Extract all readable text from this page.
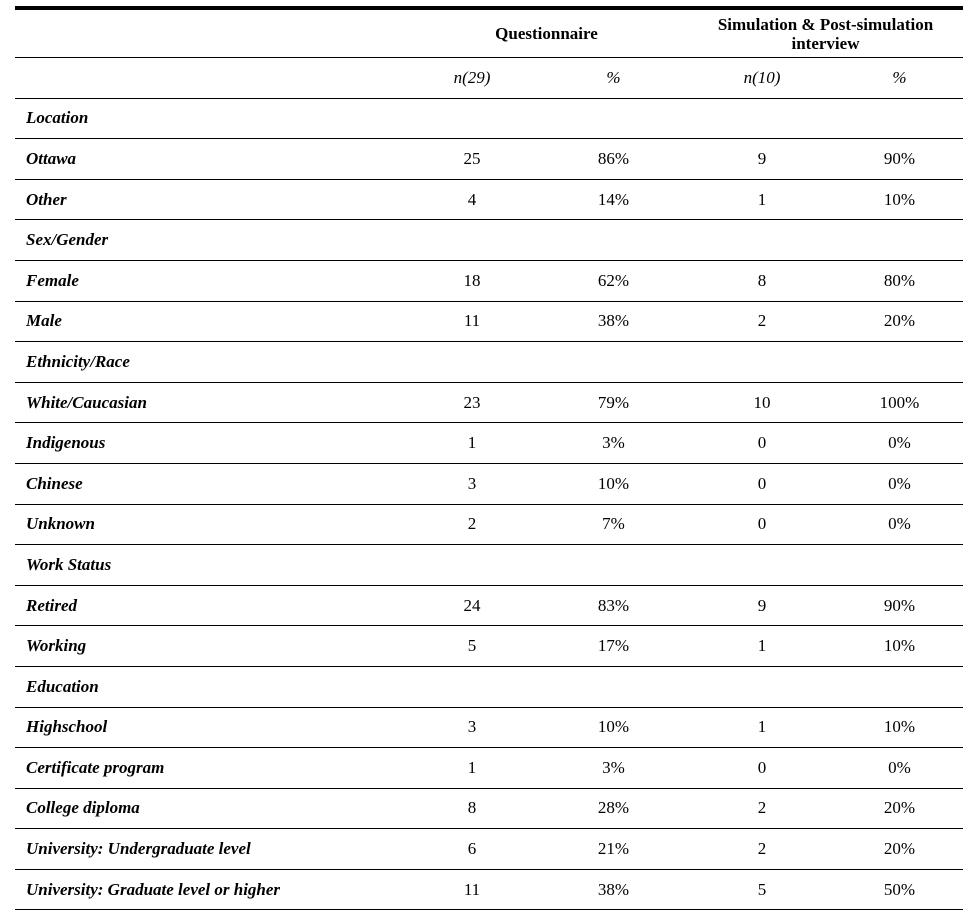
Questionnaire	Simulation & Post-simulation interview
n(29)	%	n(10)	%
Location
Ottawa	25	86%	9	90%
Other	4	14%	1	10%
Sex/Gender
Female	18	62%	8	80%
Male	11	38%	2	20%
Ethnicity/Race
White/Caucasian	23	79%	10	100%
Indigenous	1	3%	0	0%
Chinese	3	10%	0	0%
Unknown	2	7%	0	0%
Work Status
Retired	24	83%	9	90%
Working	5	17%	1	10%
Education
Highschool	3	10%	1	10%
Certificate program	1	3%	0	0%
College diploma	8	28%	2	20%
University: Undergraduate level	6	21%	2	20%
University: Graduate level or higher	11	38%	5	50%
